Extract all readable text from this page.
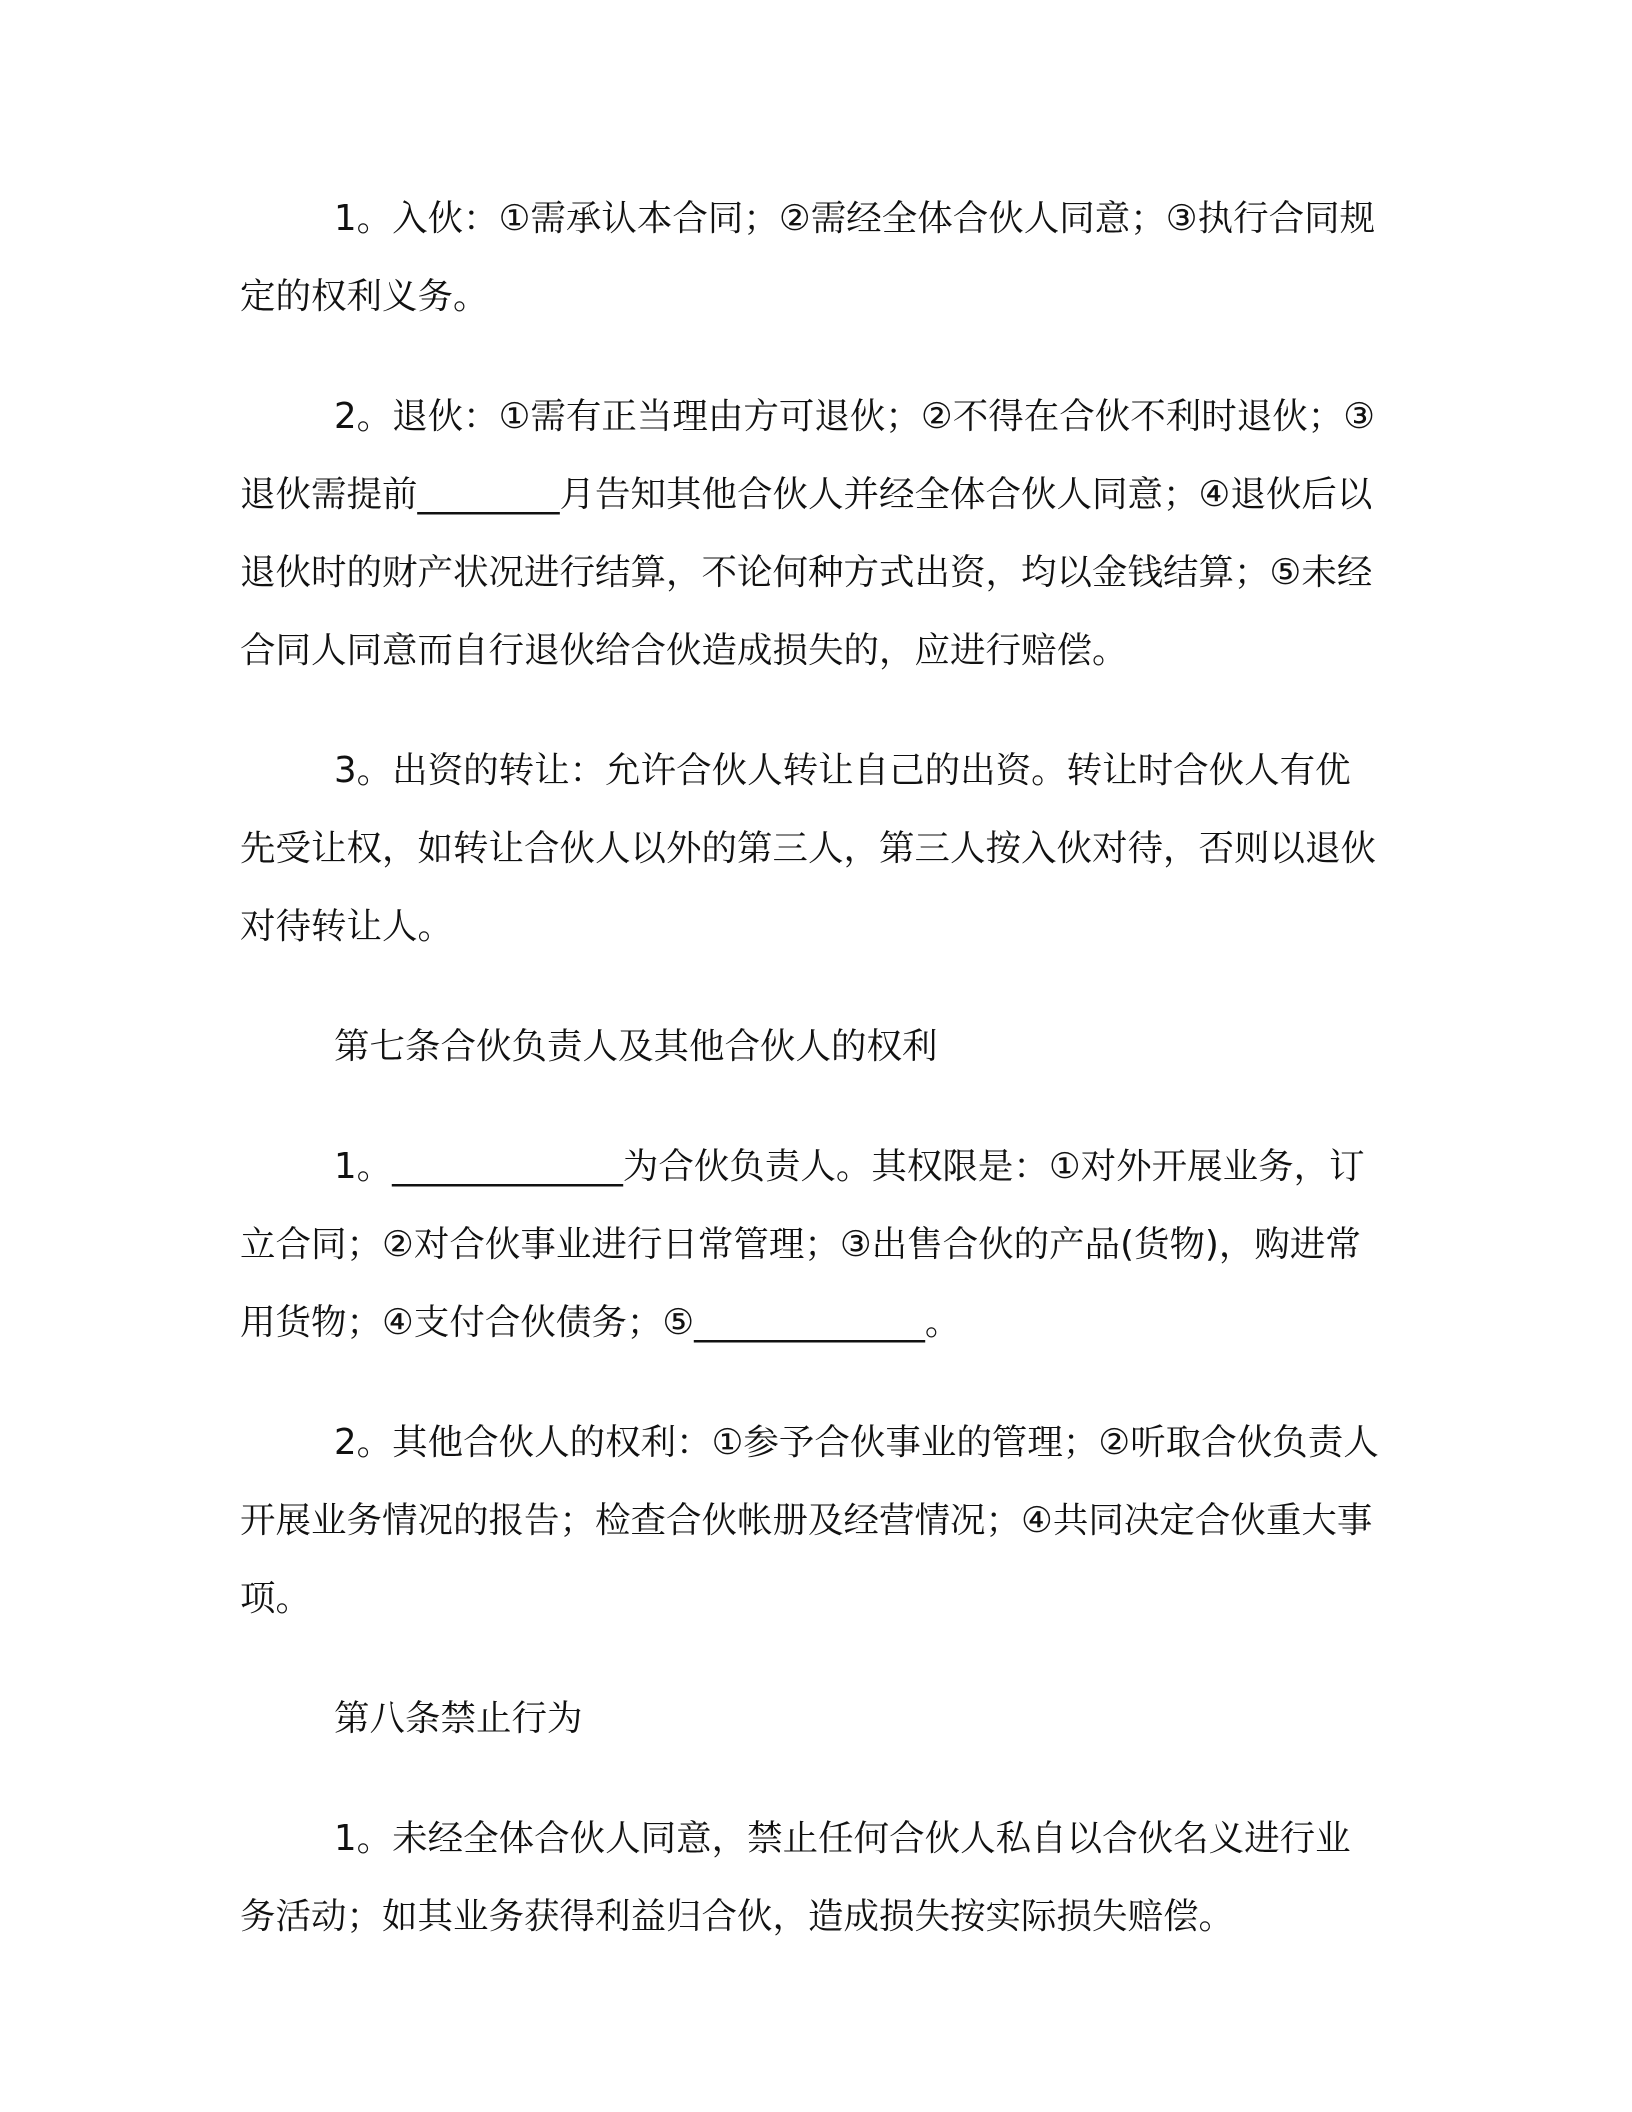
1。入伙：①需承认本合同；②需经全体合伙人同意；③执行合同规定的权利义务。

2。退伙：①需有正当理由方可退伙；②不得在合伙不利时退伙；③退伙需提前________月告知其他合伙人并经全体合伙人同意；④退伙后以退伙时的财产状况进行结算，不论何种方式出资，均以金钱结算；⑤未经合同人同意而自行退伙给合伙造成损失的，应进行赔偿。

3。出资的转让：允许合伙人转让自己的出资。转让时合伙人有优先受让权，如转让合伙人以外的第三人，第三人按入伙对待，否则以退伙对待转让人。

第七条合伙负责人及其他合伙人的权利

1。_____________为合伙负责人。其权限是：①对外开展业务，订立合同；②对合伙事业进行日常管理；③出售合伙的产品(货物)，购进常用货物；④支付合伙债务；⑤_____________。

2。其他合伙人的权利：①参予合伙事业的管理；②听取合伙负责人开展业务情况的报告；检查合伙帐册及经营情况；④共同决定合伙重大事项。

第八条禁止行为

1。未经全体合伙人同意，禁止任何合伙人私自以合伙名义进行业务活动；如其业务获得利益归合伙，造成损失按实际损失赔偿。
